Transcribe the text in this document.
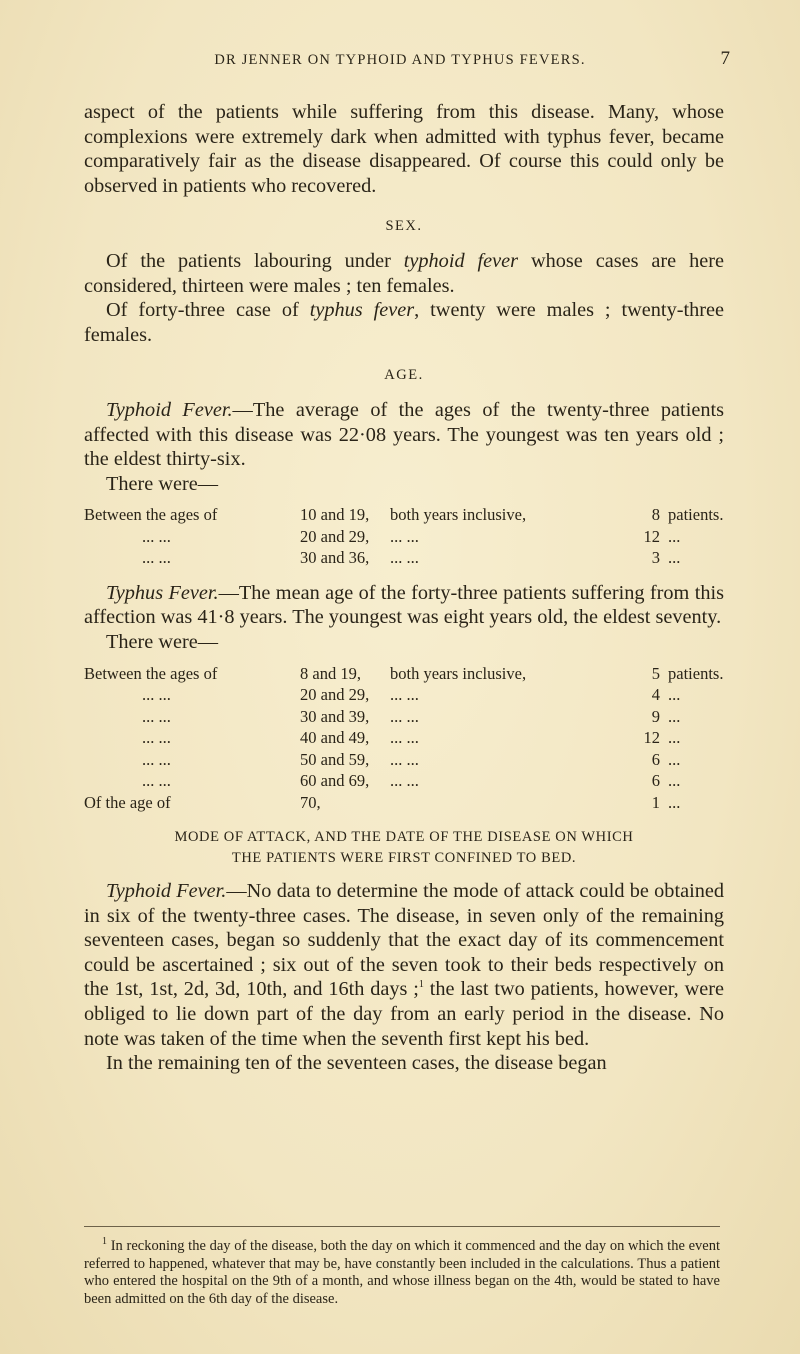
DR JENNER ON TYPHOID AND TYPHUS FEVERS.	7

aspect of the patients while suffering from this disease. Many, whose complexions were extremely dark when admitted with typhus fever, became comparatively fair as the disease disappeared. Of course this could only be observed in patients who recovered.

SEX.

Of the patients labouring under typhoid fever whose cases are here considered, thirteen were males ; ten females.

Of forty-three case of typhus fever, twenty were males ; twenty-three females.

AGE.

Typhoid Fever.—The average of the ages of the twenty-three patients affected with this disease was 22·08 years. The youngest was ten years old ; the eldest thirty-six.

There were—

Between the ages of	10 and 19,	both years inclusive,	8 patients.
... ...	20 and 29,	... ...	12 ...
... ...	30 and 36,	... ...	3 ...

Typhus Fever.—The mean age of the forty-three patients suffering from this affection was 41·8 years. The youngest was eight years old, the eldest seventy.

There were—

Between the ages of	8 and 19,	both years inclusive,	5 patients.
... ...	20 and 29,	... ...	4 ...
... ...	30 and 39,	... ...	9 ...
... ...	40 and 49,	... ...	12 ...
... ...	50 and 59,	... ...	6 ...
... ...	60 and 69,	... ...	6 ...
Of the age of	70,	1 ...
MODE OF ATTACK, AND THE DATE OF THE DISEASE ON WHICH
THE PATIENTS WERE FIRST CONFINED TO BED.

Typhoid Fever.—No data to determine the mode of attack could be obtained in six of the twenty-three cases. The disease, in seven only of the remaining seventeen cases, began so suddenly that the exact day of its commencement could be ascertained ; six out of the seven took to their beds respectively on the 1st, 1st, 2d, 3d, 10th, and 16th days ;$^1$ the last two patients, however, were obliged to lie down part of the day from an early period in the disease. No note was taken of the time when the seventh first kept his bed.

In the remaining ten of the seventeen cases, the disease began

$^1$ In reckoning the day of the disease, both the day on which it commenced and the day on which the event referred to happened, whatever that may be, have constantly been included in the calculations. Thus a patient who entered the hospital on the 9th of a month, and whose illness began on the 4th, would be stated to have been admitted on the 6th day of the disease.
